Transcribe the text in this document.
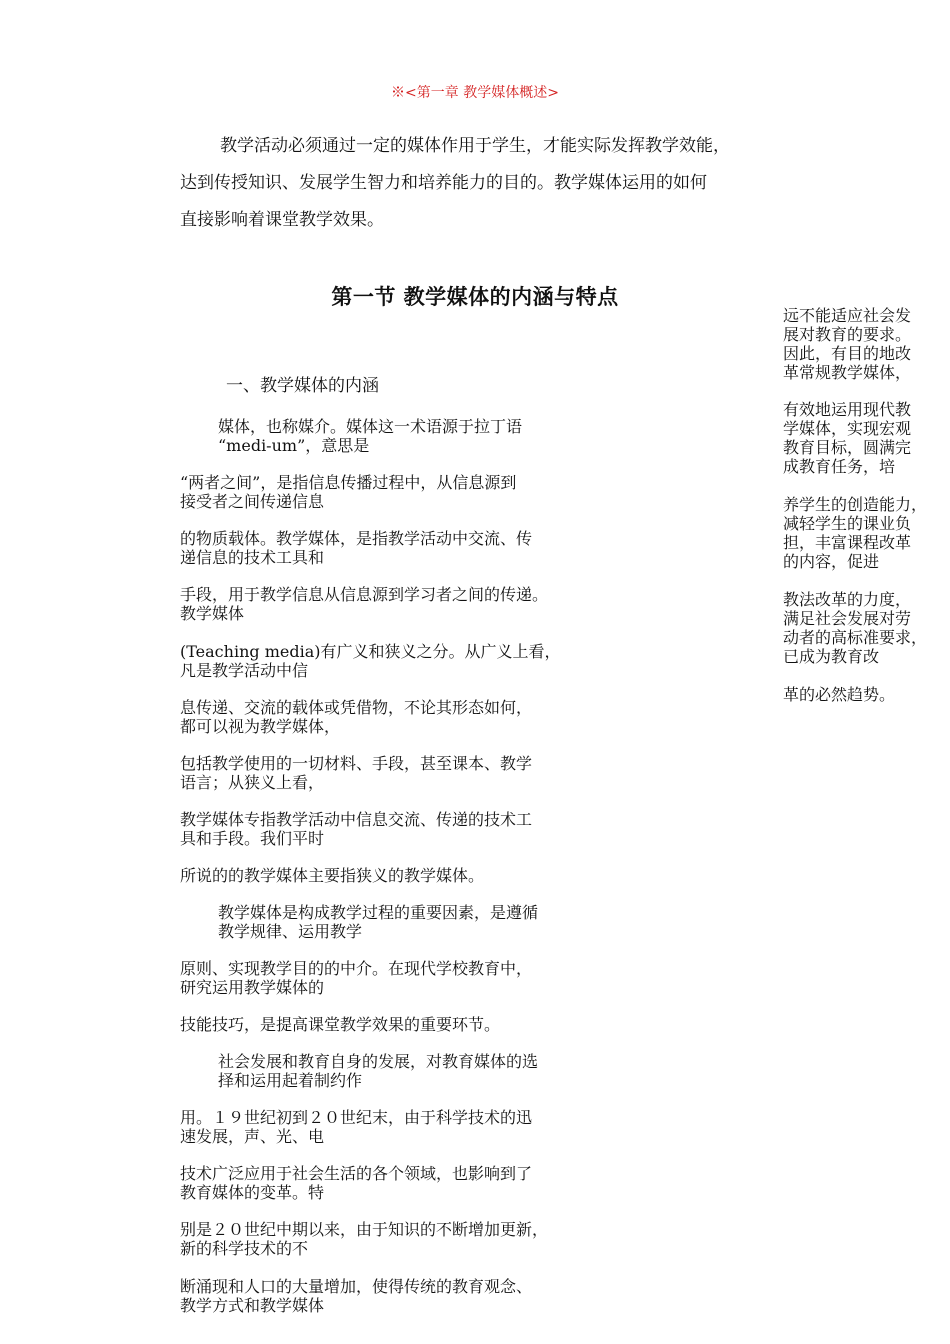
※<第一章 教学媒体概述>
教学活动必须通过一定的媒体作用于学生，才能实际发挥教学效能，
达到传授知识、发展学生智力和培养能力的目的。教学媒体运用的如何
直接影响着课堂教学效果。
第一节 教学媒体的内涵与特点
一、教学媒体的内涵
媒体，也称媒介。媒体这一术语源于拉丁语
“medi-um”，意思是
“两者之间”，是指信息传播过程中，从信息源到
接受者之间传递信息
的物质载体。教学媒体，是指教学活动中交流、传
递信息的技术工具和
手段，用于教学信息从信息源到学习者之间的传递。
教学媒体
(Teaching media)有广义和狭义之分。从广义上看，
凡是教学活动中信
息传递、交流的载体或凭借物，不论其形态如何，
都可以视为教学媒体，
包括教学使用的一切材料、手段，甚至课本、教学
语言；从狭义上看，
教学媒体专指教学活动中信息交流、传递的技术工
具和手段。我们平时
所说的的教学媒体主要指狭义的教学媒体。
教学媒体是构成教学过程的重要因素，是遵循
教学规律、运用教学
原则、实现教学目的的中介。在现代学校教育中，
研究运用教学媒体的
技能技巧，是提高课堂教学效果的重要环节。
社会发展和教育自身的发展，对教育媒体的选
择和运用起着制约作
用。１９世纪初到２０世纪末，由于科学技术的迅
速发展，声、光、电
技术广泛应用于社会生活的各个领域，也影响到了
教育媒体的变革。特
别是２０世纪中期以来，由于知识的不断增加更新，
新的科学技术的不
断涌现和人口的大量增加，使得传统的教育观念、
教学方式和教学媒体
远不能适应社会发
展对教育的要求。
因此，有目的地改
革常规教学媒体，
有效地运用现代教
学媒体，实现宏观
教育目标，圆满完
成教育任务，培
养学生的创造能力，
减轻学生的课业负
担，丰富课程改革
的内容，促进
教法改革的力度，
满足社会发展对劳
动者的高标准要求，
已成为教育改
革的必然趋势。
